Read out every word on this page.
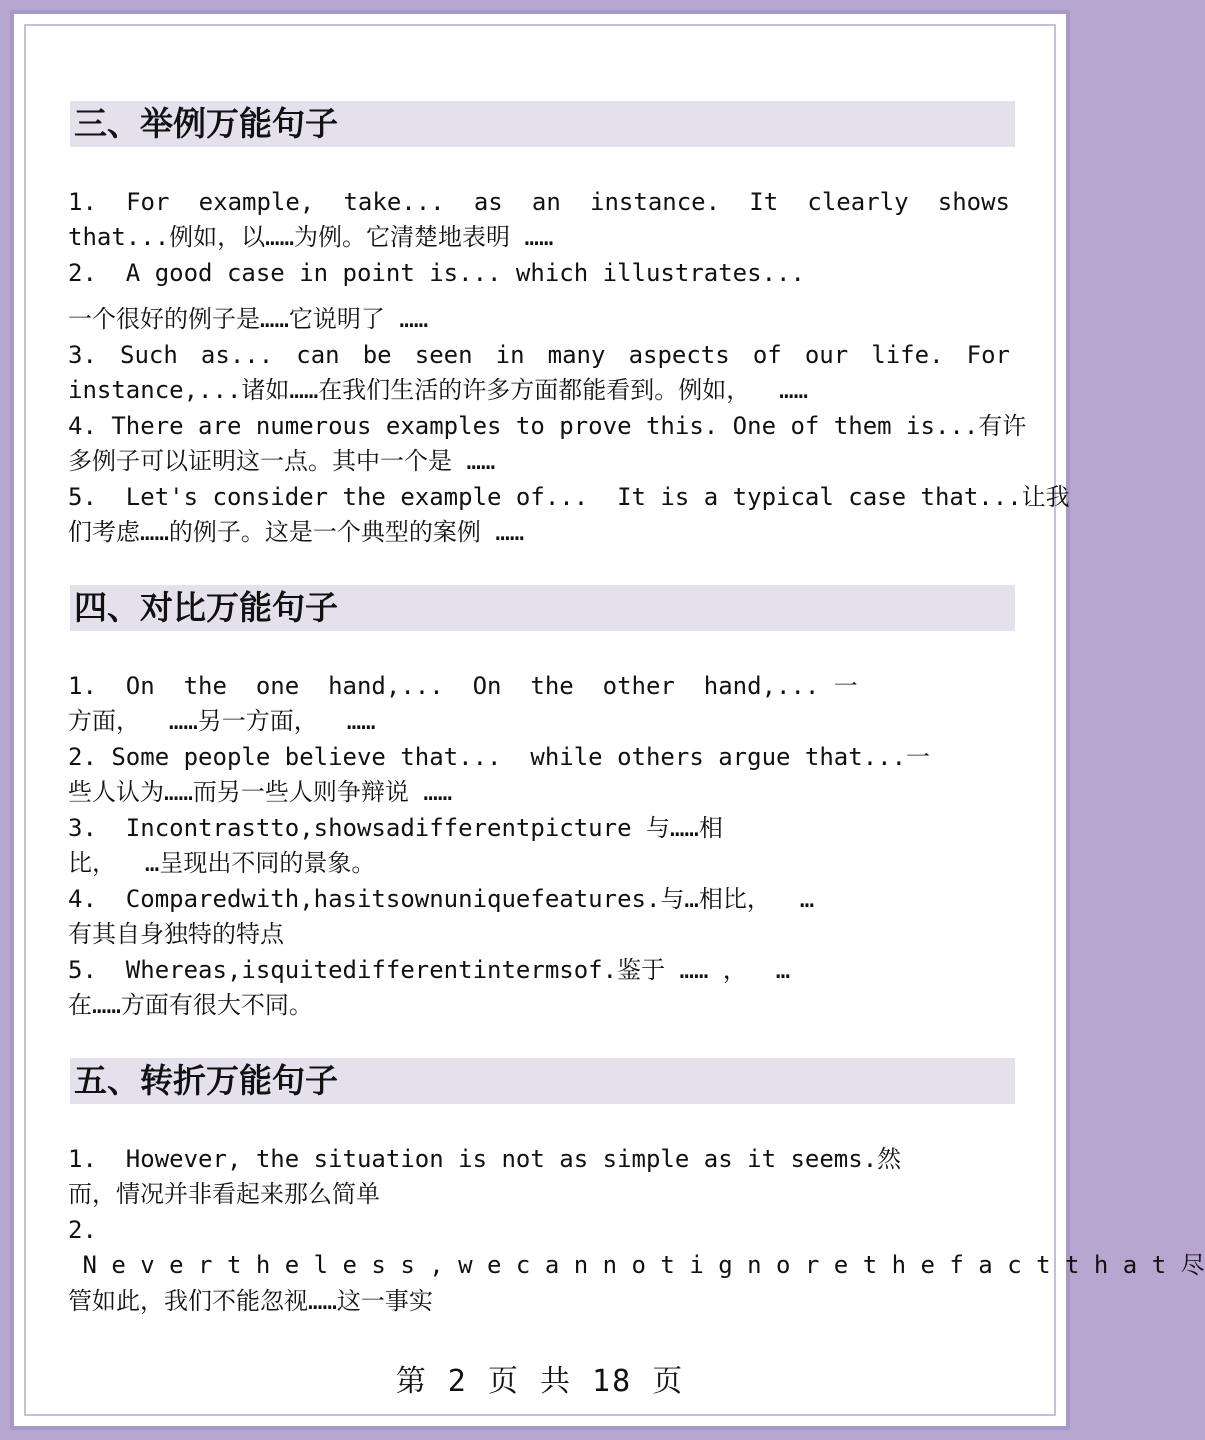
三、举例万能句子
1. For example, take... as an instance. It clearly shows
that...例如，以……为例。它清楚地表明 ……
2.  A good case in point is... which illustrates...
一个很好的例子是……它说明了 ……
3. Such as... can be seen in many aspects of our life. For
instance,...诸如……在我们生活的许多方面都能看到。例如，  ……
4. There are numerous examples to prove this. One of them is...有许
多例子可以证明这一点。其中一个是 ……
5.  Let's consider the example of...  It is a typical case that...让我
们考虑……的例子。这是一个典型的案例 ……
四、对比万能句子
1.  On  the  one  hand,...  On  the  other  hand,... 一
方面，  ……另一方面，  ……
2. Some people believe that...  while others argue that...一
些人认为……而另一些人则争辩说 ……
3.  Incontrastto,showsadifferentpicture 与……相
比，  …呈现出不同的景象。
4.  Comparedwith,hasitsownuniquefeatures.与…相比，  …
有其自身独特的特点
5.  Whereas,isquitedifferentintermsof.鉴于 …… ，  …
在……方面有很大不同。
五、转折万能句子
1.  However, the situation is not as simple as it seems.然
而，情况并非看起来那么简单
2.
N e v e r t h e l e s s , w e c a n n o t i g n o r e t h e f a c t t h a t 尽
管如此，我们不能忽视……这一事实
第 2 页 共 18 页
